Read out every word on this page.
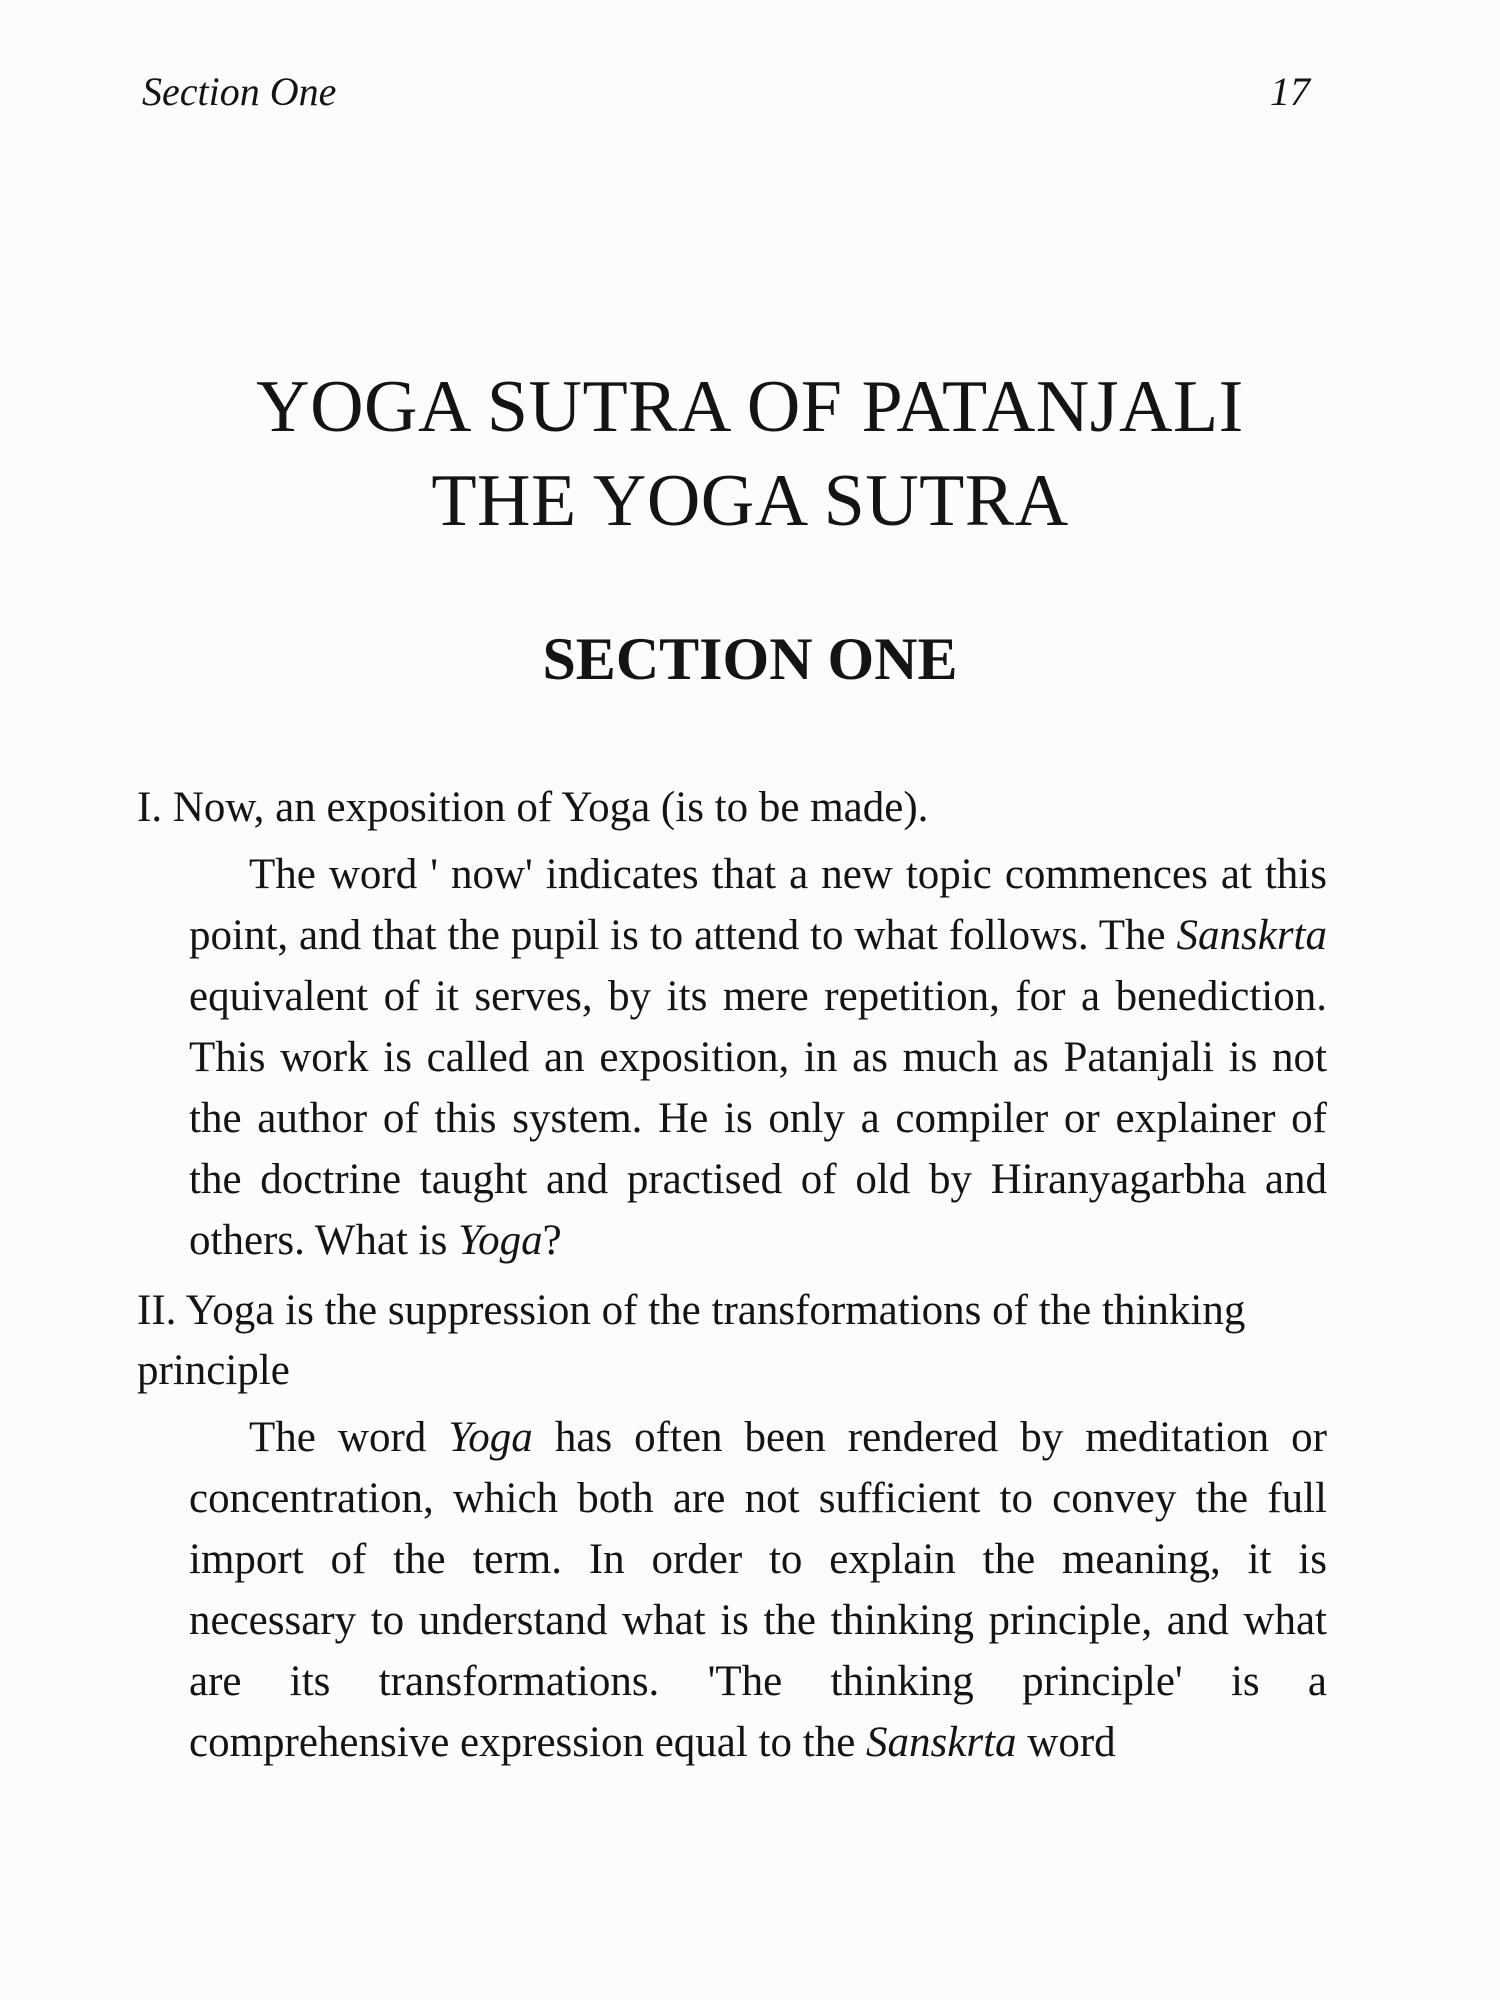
Section One	17
YOGA SUTRA OF PATANJALI
THE YOGA SUTRA
SECTION ONE

I. Now, an exposition of Yoga (is to be made).

The word ' now' indicates that a new topic commences at this point, and that the pupil is to attend to what follows. The Sanskrta equivalent of it serves, by its mere repetition, for a benediction. This work is called an exposition, in as much as Patanjali is not the author of this system. He is only a compiler or explainer of the doctrine taught and practised of old by Hiranyagarbha and others. What is Yoga?

II. Yoga is the suppression of the transformations of the thinking principle

The word Yoga has often been rendered by meditation or concentration, which both are not sufficient to convey the full import of the term. In order to explain the meaning, it is necessary to understand what is the thinking principle, and what are its transformations. 'The thinking principle' is a comprehensive expression equal to the Sanskrta word
